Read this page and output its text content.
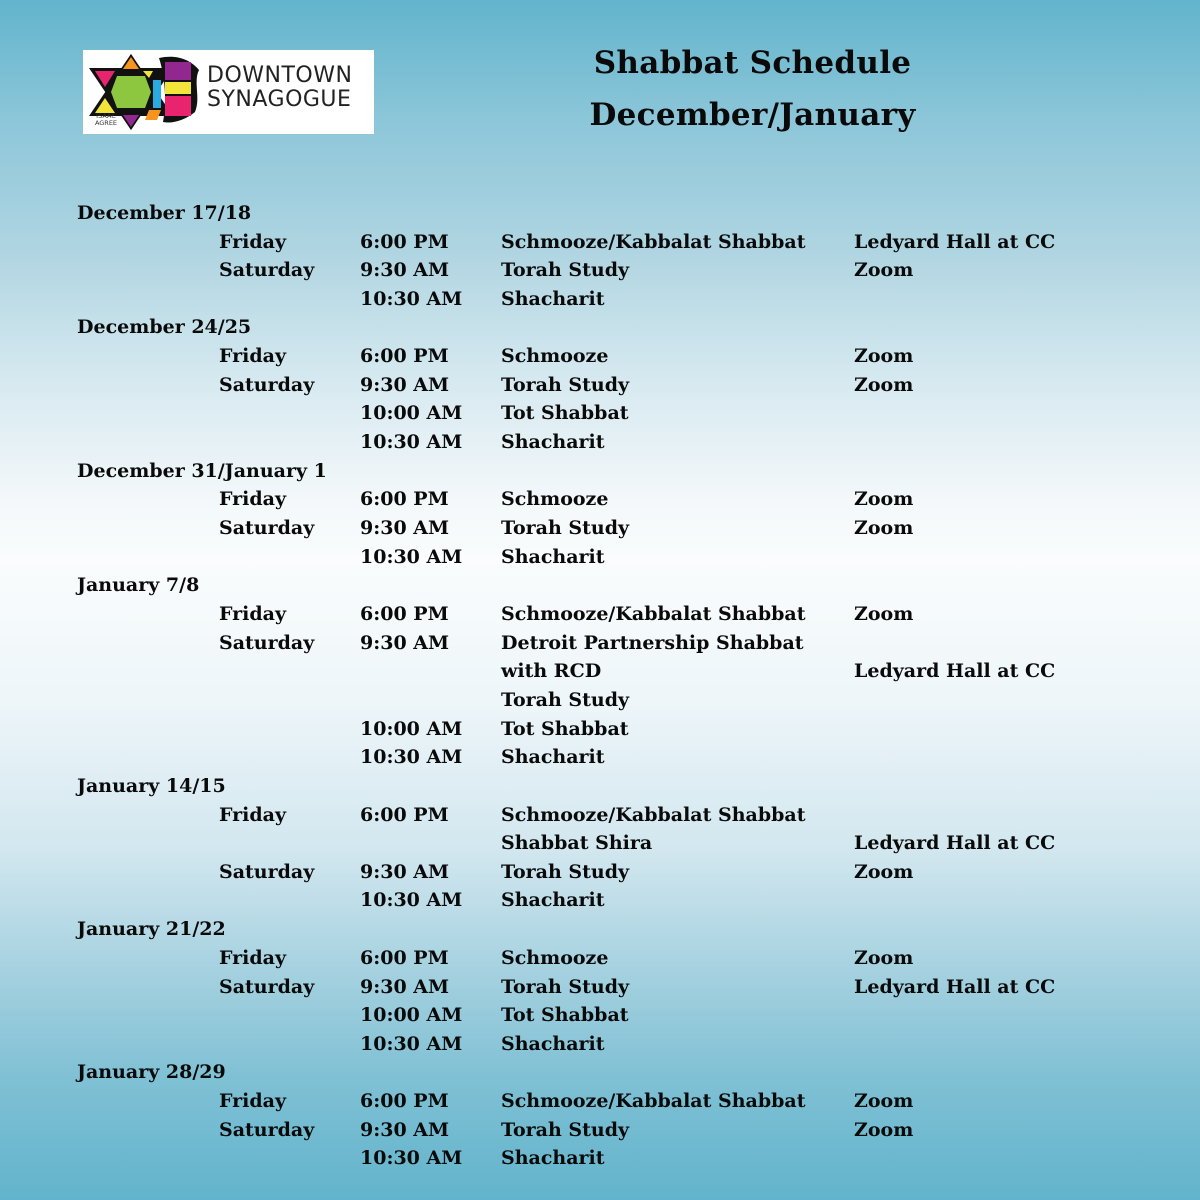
DOWNTOWN
SYNAGOGUE
ISAAC
AGREE
Shabbat Schedule
December/January
December 17/18
Friday	6:00 PM	Schmooze/Kabbalat Shabbat	Ledyard Hall at CC
Saturday 9:30 AM	Torah Study	Zoom
10:30 AM Shacharit
December 24/25
Friday	6:00 PM	Schmooze	Zoom
Saturday 9:30 AM	Torah Study	Zoom
10:00 AM Tot Shabbat
10:30 AM Shacharit
December 31/January 1
Friday	6:00 PM	Schmooze	Zoom
Saturday 9:30 AM	Torah Study	Zoom
10:30 AM Shacharit
January 7/8
Friday	6:00 PM	Schmooze/Kabbalat Shabbat	Zoom
Saturday 9:30 AM	Detroit Partnership Shabbat
with RCD	Ledyard Hall at CC
Torah Study
10:00 AM Tot Shabbat
10:30 AM Shacharit
January 14/15
Friday	6:00 PM	Schmooze/Kabbalat Shabbat
Shabbat Shira	Ledyard Hall at CC
Saturday 9:30 AM	Torah Study	Zoom
10:30 AM Shacharit
January 21/22
Friday	6:00 PM	Schmooze	Zoom
Saturday 9:30 AM	Torah Study	Ledyard Hall at CC
10:00 AM Tot Shabbat
10:30 AM Shacharit
January 28/29
Friday	6:00 PM	Schmooze/Kabbalat Shabbat	Zoom
Saturday 9:30 AM	Torah Study	Zoom
10:30 AM Shacharit
